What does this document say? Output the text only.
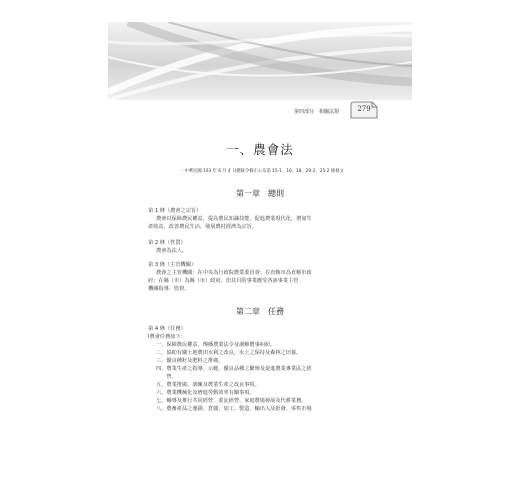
第四部分　相關法規	279
一、農會法
・中華民國 103 年 6 月 4 日總統令修正公布第 15-1、16、18、20-2、25-2 條條文
第一章　總則
第 1 條（農會之宗旨）
農會以保障農民權益，提高農民知識技能，促進農業現代化，增加生
產收益，改善農民生活，發展農村經濟為宗旨。
第 2 條（性質）
農會為法人。
第 3 條（主管機關）
農會之主管機關：在中央為行政院農業委員會；在直轄市為直轄市政
府；在縣（市）為縣（市）政府。但其目的事業應受各該事業主管
機關指導、監督。
第二章　任務
第 4 條（任務）
Ⅰ農會任務如下：
一、保障農民權益，傳播農業法令及調解農事糾紛。
二、協助有關土地農田水利之改良，水土之保持及森林之培養。
三、優良種籽及肥料之推廣。
四、農業生產之指導、示範、優良品種之繁殖及促進農業專業區之經
　　營。
五、農業推廣、訓練及農業生產之改良事項。
六、農業機械化及增進勞動效率有關事項。
七、輔導及推行共同經營、委託經營、家庭農場發展及代耕業務。
八、農畜產品之運銷、倉儲、加工、製造、輸出入及批發、零售市場
